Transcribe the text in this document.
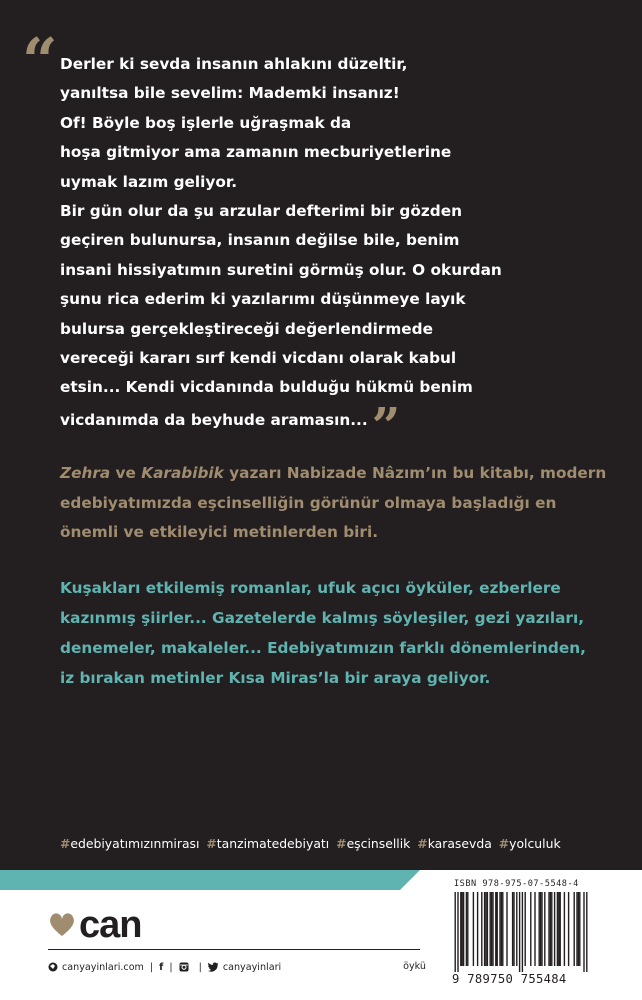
“ Derler ki sevda insanın ahlakını düzeltir,
yanıltsa bile sevelim: Mademki insanız!
Of! Böyle boş işlerle uğraşmak da
hoşa gitmiyor ama zamanın mecburiyetlerine
uymak lazım geliyor.
Bir gün olur da şu arzular defterimi bir gözden
geçiren bulunursa, insanın değilse bile, benim
insani hissiyatımın suretini görmüş olur. O okurdan
şunu rica ederim ki yazılarımı düşünmeye layık
bulursa gerçekleştireceği değerlendirmede
vereceği kararı sırf kendi vicdanı olarak kabul
etsin... Kendi vicdanında bulduğu hükmü benim
vicdanımda da beyhude aramasın...”
Zehra ve Karabibik yazarı Nabizade Nâzım’ın bu kitabı, modern
edebiyatımızda eşcinselliğin görünür olmaya başladığı en
önemli ve etkileyici metinlerden biri.
Kuşakları etkilemiş romanlar, ufuk açıcı öyküler, ezberlere
kazınmış şiirler... Gazetelerde kalmış söyleşiler, gezi yazıları,
denemeler, makaleler... Edebiyatımızın farklı dönemlerinden,
iz bırakan metinler Kısa Miras’la bir araya geliyor.
#edebiyatımızınmirası #tanzimatedebiyatı #eşcinsellik #karasevda #yolculuk
can
canyayinlari.com | f |	| canyayinlari	öykü
ISBN 978-975-07-5548-4
9 789750 755484
